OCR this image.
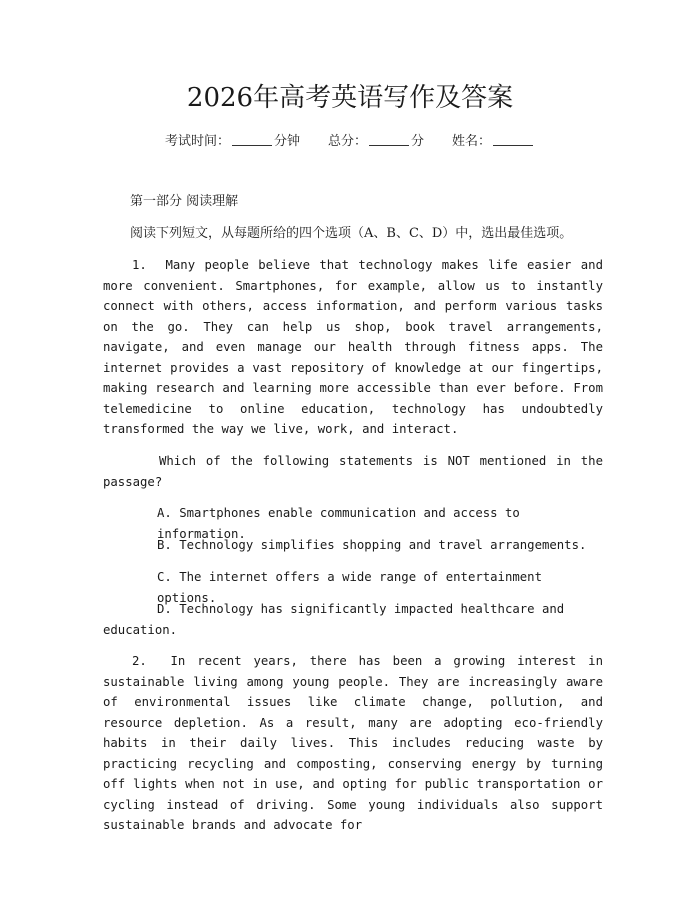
2026年高考英语写作及答案
考试时间：	分钟 总分：	分 姓名：
第一部分 阅读理解
阅读下列短文，从每题所给的四个选项（A、B、C、D）中，选出最佳选项。
1. Many people believe that technology makes life easier and more convenient. Smartphones, for example, allow us to instantly connect with others, access information, and perform various tasks on the go. They can help us shop, book travel arrangements, navigate, and even manage our health through fitness apps. The internet provides a vast repository of knowledge at our fingertips, making research and learning more accessible than ever before. From telemedicine to online education, technology has undoubtedly transformed the way we live, work, and interact.
Which of the following statements is NOT mentioned in the passage?
A. Smartphones enable communication and access to information.
B. Technology simplifies shopping and travel arrangements.
C. The internet offers a wide range of entertainment options.
D. Technology has significantly impacted healthcare and education.
2. In recent years, there has been a growing interest in sustainable living among young people. They are increasingly aware of environmental issues like climate change, pollution, and resource depletion. As a result, many are adopting eco-friendly habits in their daily lives. This includes reducing waste by practicing recycling and composting, conserving energy by turning off lights when not in use, and opting for public transportation or cycling instead of driving. Some young individuals also support sustainable brands and advocate for
